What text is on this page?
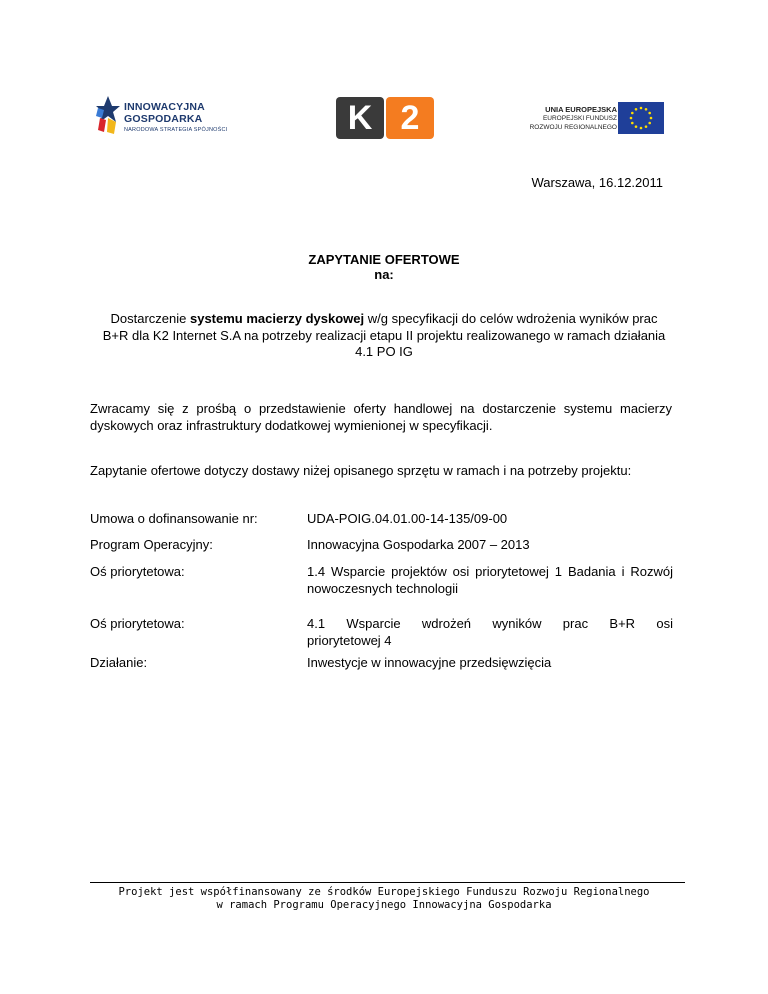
INNOWACYJNA
GOSPODARKA
NARODOWA STRATEGIA SPÓJNOŚCI	K 2	UNIA EUROPEJSKA
EUROPEJSKI FUNDUSZ
ROZWOJU REGIONALNEGO
Warszawa, 16.12.2011
ZAPYTANIE OFERTOWE
na:
Dostarczenie systemu macierzy dyskowej w/g specyfikacji do celów wdrożenia wyników prac B+R dla K2 Internet S.A na potrzeby realizacji etapu II projektu realizowanego w ramach działania 4.1 PO IG
Zwracamy się z prośbą o przedstawienie oferty handlowej na dostarczenie systemu macierzy dyskowych oraz infrastruktury dodatkowej wymienionej w specyfikacji.
Zapytanie ofertowe dotyczy dostawy niżej opisanego sprzętu w ramach i na potrzeby projektu:
Umowa o dofinansowanie nr:	UDA-POIG.04.01.00-14-135/09-00
Program Operacyjny:	Innowacyjna Gospodarka 2007 – 2013
Oś priorytetowa:	1.4 Wsparcie projektów osi priorytetowej 1 Badania i Rozwój nowoczesnych technologii
Oś priorytetowa:	4.1 Wsparcie wdrożeń wyników prac B+R osi
priorytetowej 4
Działanie:	Inwestycje w innowacyjne przedsięwzięcia
Projekt jest współfinansowany ze środków Europejskiego Funduszu Rozwoju Regionalnego
w ramach Programu Operacyjnego Innowacyjna Gospodarka
